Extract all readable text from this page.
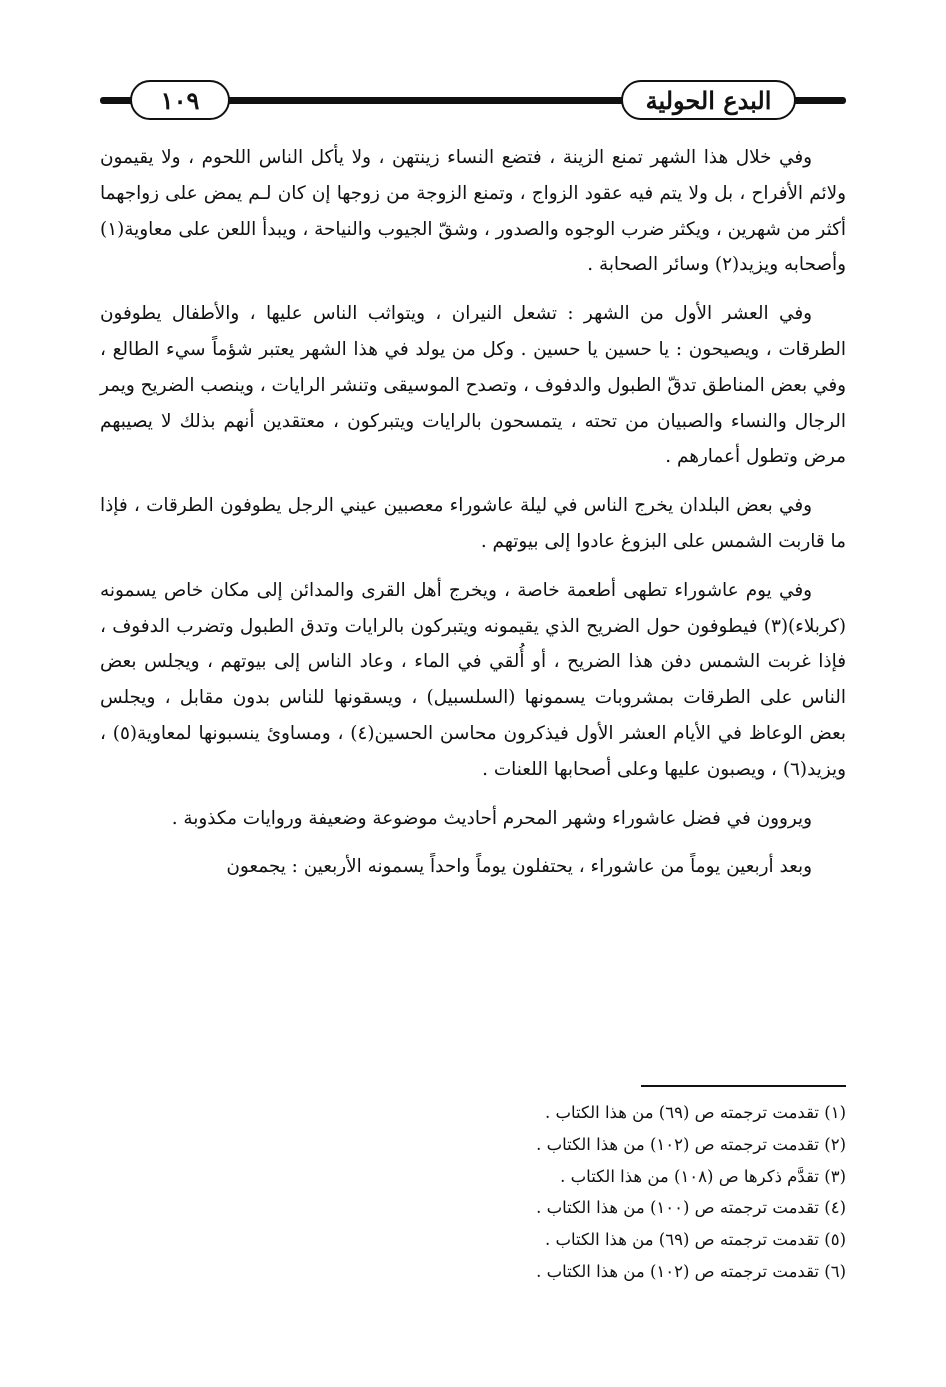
البدع الحولية
١٠٩

وفي خلال هذا الشهر تمنع الزينة ، فتضع النساء زينتهن ، ولا يأكل الناس اللحوم ، ولا يقيمون ولائم الأفراح ، بل ولا يتم فيه عقود الزواج ، وتمنع الزوجة من زوجها إن كان لـم يمض على زواجهما أكثر من شهرين ، ويكثر ضرب الوجوه والصدور ، وشقّ الجيوب والنياحة ، ويبدأ اللعن على معاوية(١) وأصحابه ويزيد(٢) وسائر الصحابة .

وفي العشر الأول من الشهر : تشعل النيران ، ويتواثب الناس عليها ، والأطفال يطوفون الطرقات ، ويصيحون : يا حسين يا حسين . وكل من يولد في هذا الشهر يعتبر شؤماً سيء الطالع ، وفي بعض المناطق تدقّ الطبول والدفوف ، وتصدح الموسيقى وتنشر الرايات ، وينصب الضريح ويمر الرجال والنساء والصبيان من تحته ، يتمسحون بالرايات ويتبركون ، معتقدين أنهم بذلك لا يصيبهم مرض وتطول أعمارهم .

وفي بعض البلدان يخرج الناس في ليلة عاشوراء معصبين عيني الرجل يطوفون الطرقات ، فإذا ما قاربت الشمس على البزوغ عادوا إلى بيوتهم .

وفي يوم عاشوراء تطهى أطعمة خاصة ، ويخرج أهل القرى والمدائن إلى مكان خاص يسمونه (كربلاء)(٣) فيطوفون حول الضريح الذي يقيمونه ويتبركون بالرايات وتدق الطبول وتضرب الدفوف ، فإذا غربت الشمس دفن هذا الضريح ، أو أُلقي في الماء ، وعاد الناس إلى بيوتهم ، ويجلس بعض الناس على الطرقات بمشروبات يسمونها (السلسبيل) ، ويسقونها للناس بدون مقابل ، ويجلس بعض الوعاظ في الأيام العشر الأول فيذكرون محاسن الحسين(٤) ، ومساوئ ينسبونها لمعاوية(٥) ، ويزيد(٦) ، ويصبون عليها وعلى أصحابها اللعنات .

ويروون في فضل عاشوراء وشهر المحرم أحاديث موضوعة وضعيفة وروايات مكذوبة .

وبعد أربعين يوماً من عاشوراء ، يحتفلون يوماً واحداً يسمونه الأربعين : يجمعون

(١) تقدمت ترجمته ص (٦٩) من هذا الكتاب .
(٢) تقدمت ترجمته ص (١٠٢) من هذا الكتاب .
(٣) تقدَّم ذكرها ص (١٠٨) من هذا الكتاب .
(٤) تقدمت ترجمته ص (١٠٠) من هذا الكتاب .
(٥) تقدمت ترجمته ص (٦٩) من هذا الكتاب .
(٦) تقدمت ترجمته ص (١٠٢) من هذا الكتاب .
